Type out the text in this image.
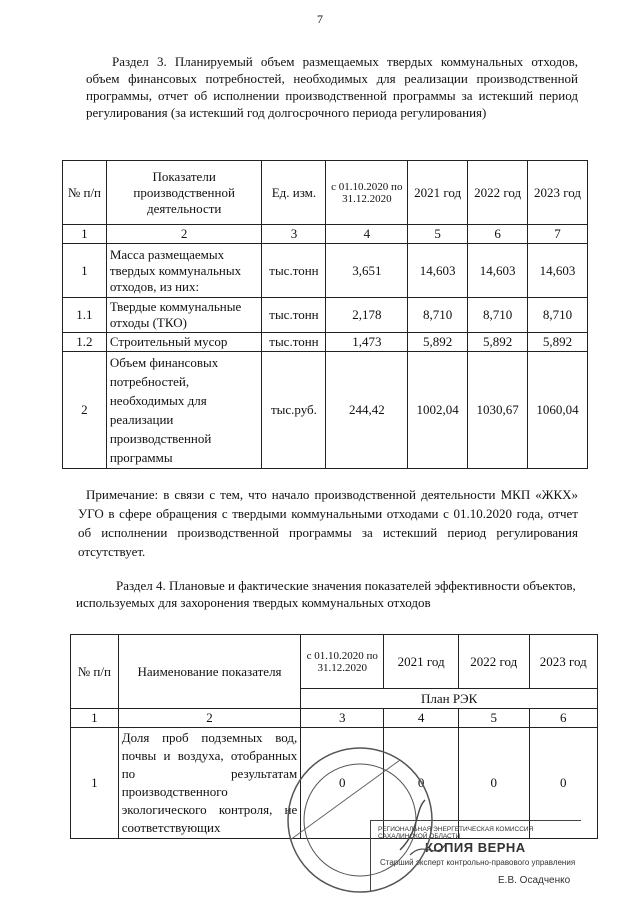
7
Раздел 3. Планируемый объем размещаемых твердых коммунальных отходов, объем финансовых потребностей, необходимых для реализации производственной программы, отчет об исполнении производственной программы за истекший период регулирования (за истекший год долгосрочного периода регулирования)
№ п/п	Показатели производственной деятельности	Ед. изм.	с 01.10.2020 по 31.12.2020	2021 год	2022 год	2023 год
1	2	3	4	5	6	7
1	Масса размещаемых твердых коммунальных отходов, из них:	тыс.тонн	3,651	14,603	14,603	14,603
1.1	Твердые коммунальные отходы (ТКО)	тыс.тонн	2,178	8,710	8,710	8,710
1.2	Строительный мусор	тыс.тонн	1,473	5,892	5,892	5,892
2	Объем финансовых потребностей, необходимых для реализации производственной программы	тыс.руб.	244,42	1002,04	1030,67	1060,04
Примечание: в связи с тем, что начало производственной деятельности МКП «ЖКХ» УГО в сфере обращения с твердыми коммунальными отходами с 01.10.2020 года, отчет об исполнении производственной программы за истекший период регулирования отсутствует.
Раздел 4. Плановые и фактические значения показателей эффективности объектов, используемых для захоронения твердых коммунальных отходов
№ п/п	Наименование показателя	с 01.10.2020 по 31.12.2020	2021 год	2022 год	2023 год
		План РЭК			
1	2	3	4	5	6
1	Доля проб подземных вод, почвы и воздуха, отобранных по результатам производственного экологического контроля, не соответствующих	0	0	0	0
РЕГИОНАЛЬНАЯ ЭНЕРГЕТИЧЕСКАЯ КОМИССИЯ САХАЛИНСКОЙ ОБЛАСТИ
КОПИЯ ВЕРНА
Старший эксперт контрольно-правового управления
Е.В. Осадченко
